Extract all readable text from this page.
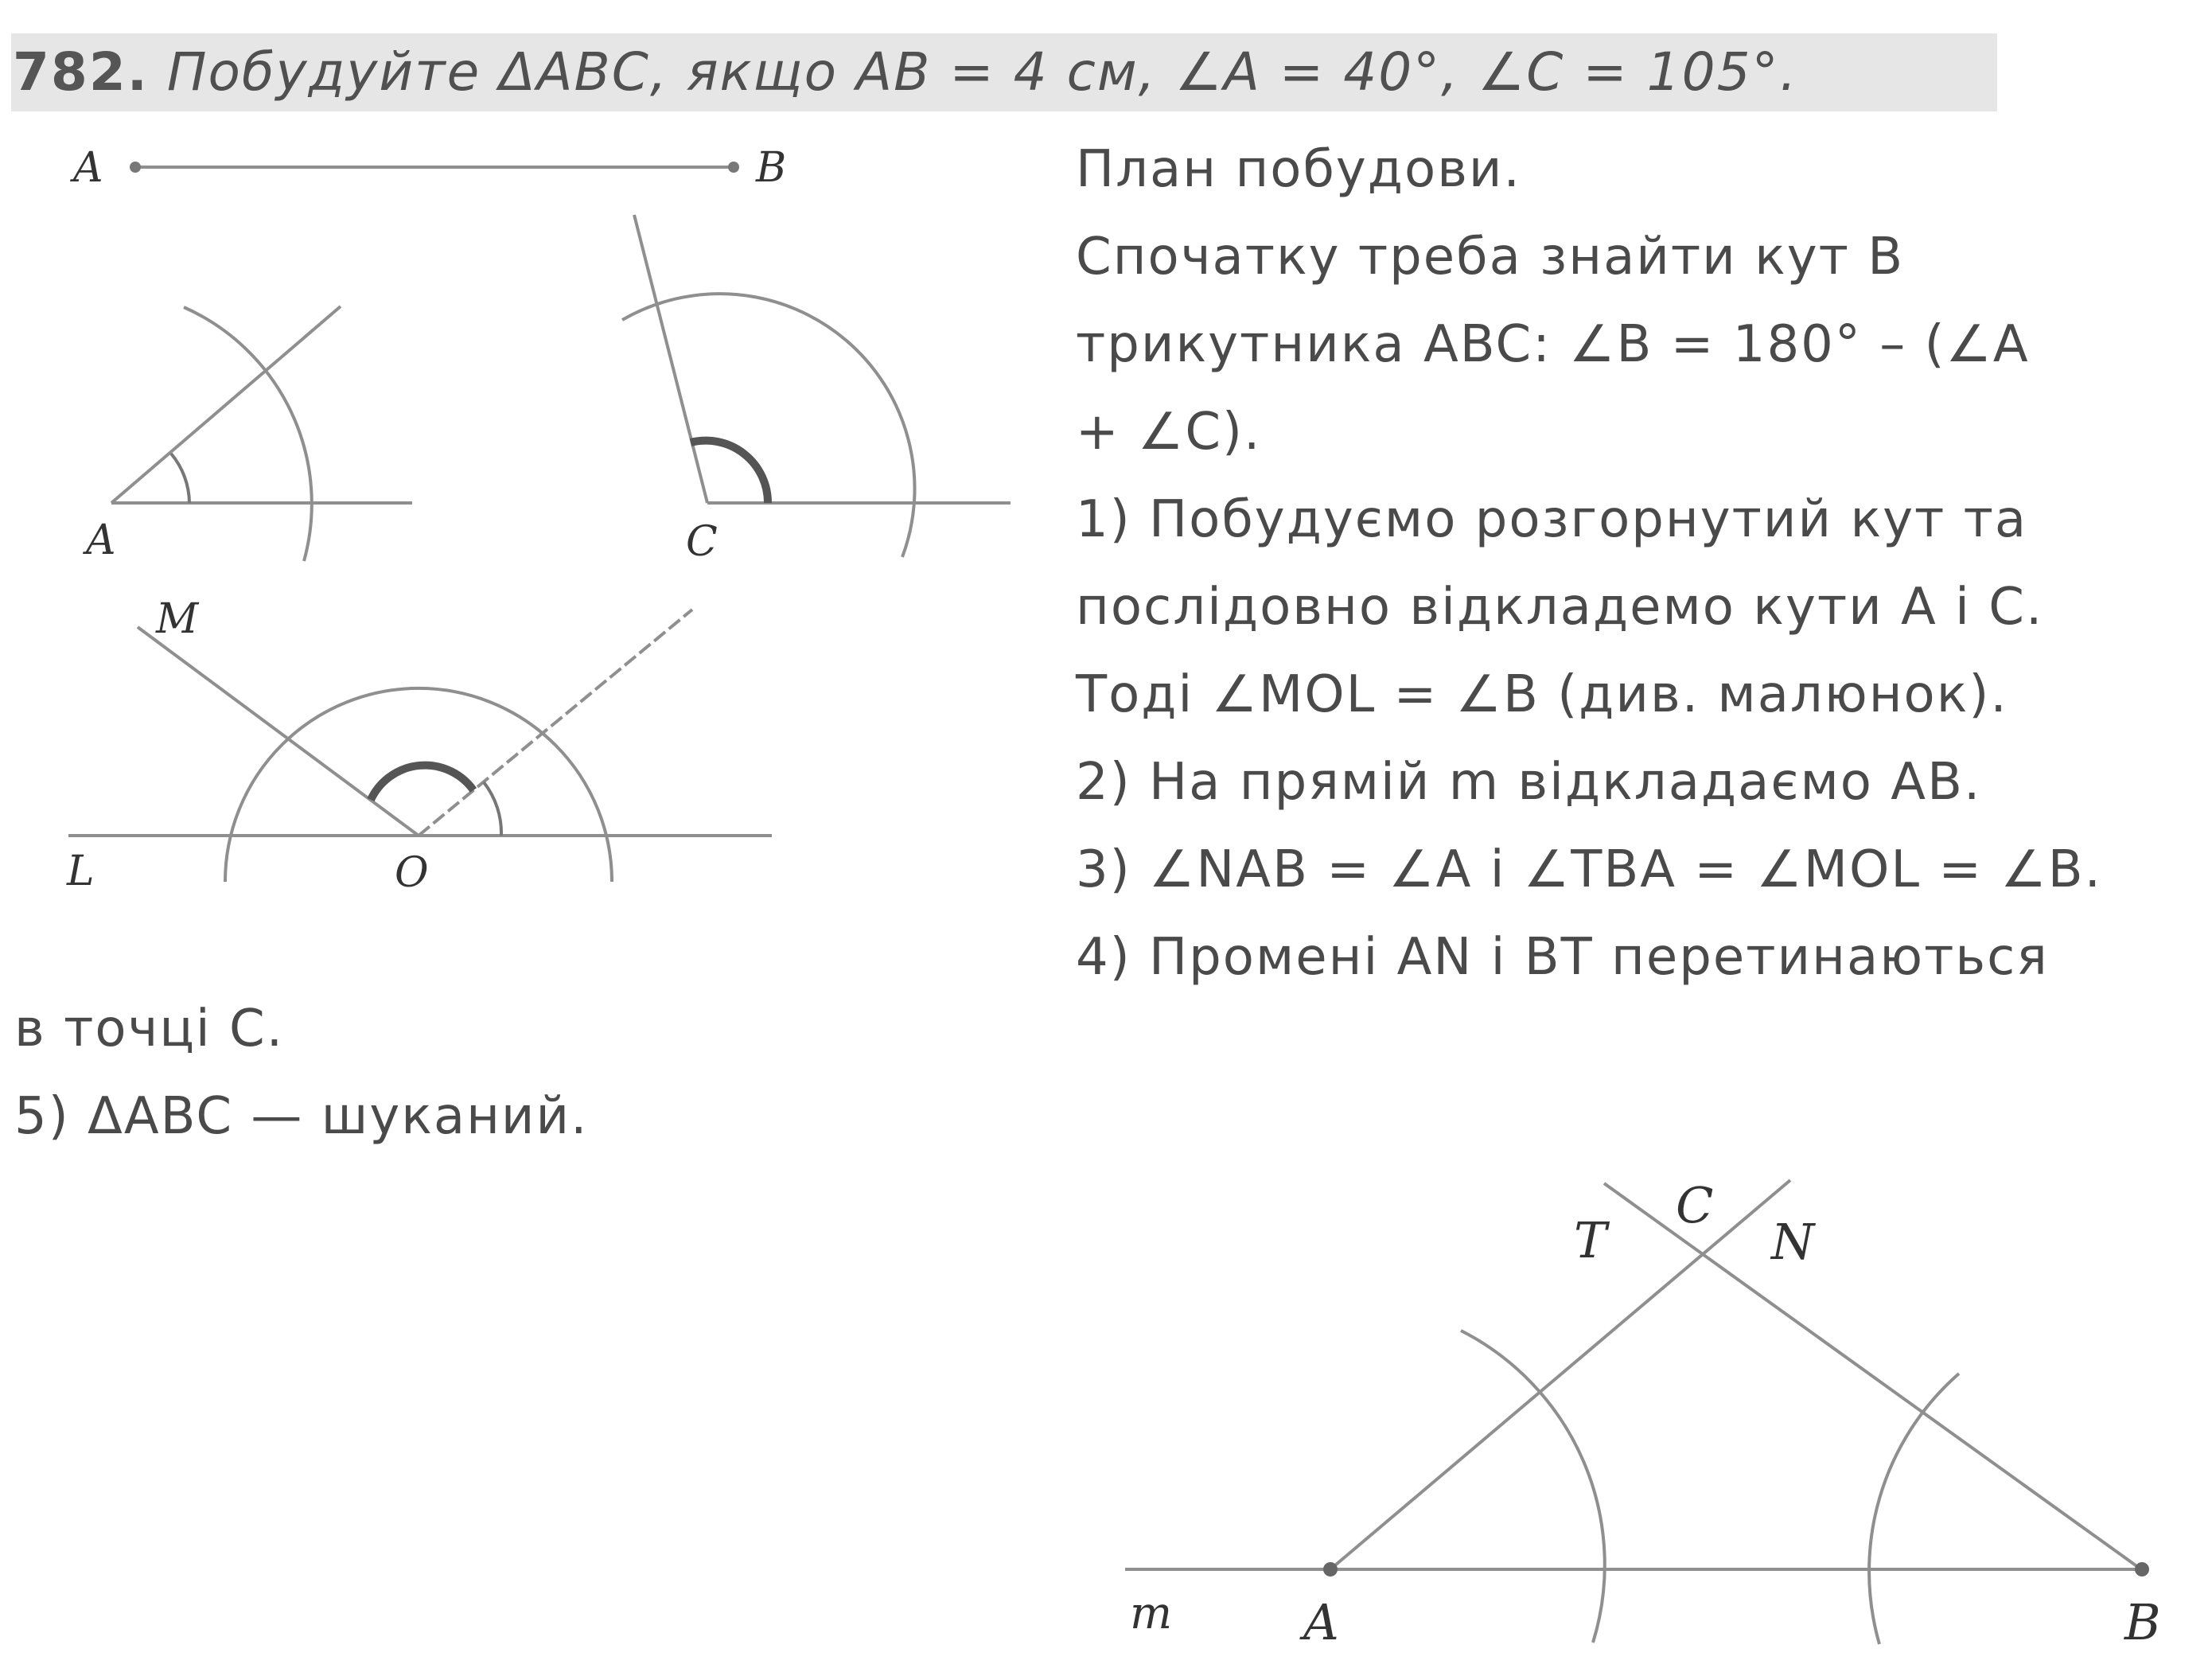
782. Побудуйте ΔABC, якщо AB = 4 см, ∠A = 40°, ∠C = 105°.
План побудови.
Спочатку треба знайти кут B
трикутника ABC: ∠B = 180° – (∠A
+ ∠C).
1) Побудуємо розгорнутий кут та
послідовно відкладемо кути A і C.
Тоді ∠MOL = ∠B (див. малюнок).
2) На прямій m відкладаємо AB.
3) ∠NAB = ∠A і ∠TBA = ∠MOL = ∠B.
4) Промені AN і BT перетинаються
в точці C.
5) ΔABC — шуканий.
A	B
A	C
M
L	O
T
C
N
m	A	B
